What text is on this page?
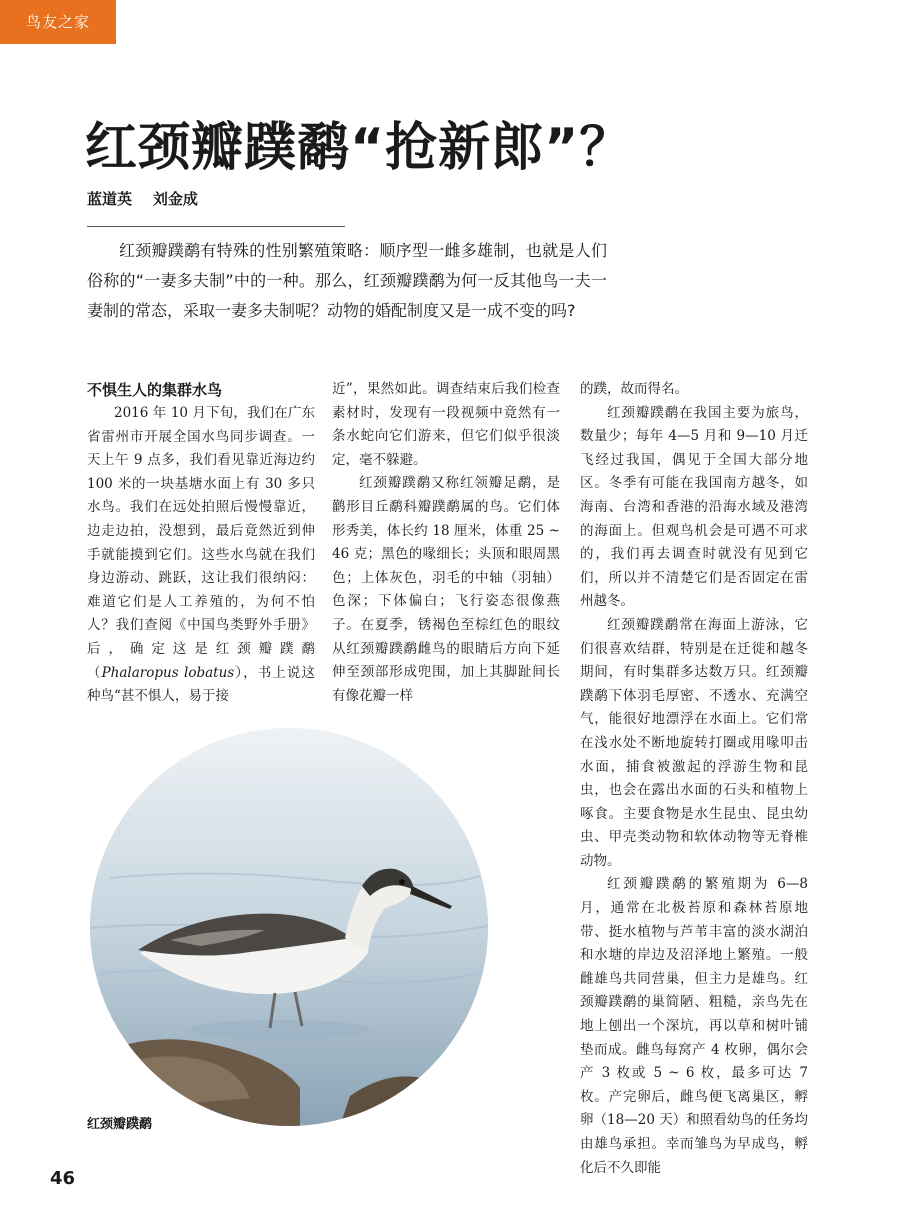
鸟友之家
红颈瓣蹼鹬“抢新郎”？
蓝道英    刘金成

红颈瓣蹼鹬有特殊的性别繁殖策略：顺序型一雌多雄制，也就是人们俗称的“一妻多夫制”中的一种。那么，红颈瓣蹼鹬为何一反其他鸟一夫一妻制的常态，采取一妻多夫制呢？动物的婚配制度又是一成不变的吗?

不惧生人的集群水鸟

2016 年 10 月下旬，我们在广东省雷州市开展全国水鸟同步调查。一天上午 9 点多，我们看见靠近海边约 100 米的一块基塘水面上有 30 多只水鸟。我们在远处拍照后慢慢靠近，边走边拍，没想到，最后竟然近到伸手就能摸到它们。这些水鸟就在我们身边游动、跳跃，这让我们很纳闷：难道它们是人工养殖的，为何不怕人？我们查阅《中国鸟类野外手册》后，确定这是红颈瓣蹼鹬（Phalaropus lobatus），书上说这种鸟“甚不惧人，易于接

近”，果然如此。调查结束后我们检查素材时，发现有一段视频中竟然有一条水蛇向它们游来，但它们似乎很淡定，毫不躲避。

红颈瓣蹼鹬又称红领瓣足鹬，是鹳形目丘鹬科瓣蹼鹬属的鸟。它们体形秀美，体长约 18 厘米，体重 25 ~ 46 克；黑色的喙细长；头顶和眼周黑色；上体灰色，羽毛的中轴（羽轴）色深；下体偏白；飞行姿态很像燕子。在夏季，锈褐色至棕红色的眼纹从红颈瓣蹼鹬雌鸟的眼睛后方向下延伸至颈部形成兜围，加上其脚趾间长有像花瓣一样

的蹼，故而得名。

红颈瓣蹼鹬在我国主要为旅鸟，数量少；每年 4—5 月和 9—10 月迁飞经过我国，偶见于全国大部分地区。冬季有可能在我国南方越冬，如海南、台湾和香港的沿海水域及港湾的海面上。但观鸟机会是可遇不可求的，我们再去调查时就没有见到它们，所以并不清楚它们是否固定在雷州越冬。

红颈瓣蹼鹬常在海面上游泳，它们很喜欢结群，特别是在迁徙和越冬期间，有时集群多达数万只。红颈瓣蹼鹬下体羽毛厚密、不透水、充满空气，能很好地漂浮在水面上。它们常在浅水处不断地旋转打圈或用喙叩击水面，捕食被激起的浮游生物和昆虫，也会在露出水面的石头和植物上啄食。主要食物是水生昆虫、昆虫幼虫、甲壳类动物和软体动物等无脊椎动物。

红颈瓣蹼鹬的繁殖期为 6—8 月，通常在北极苔原和森林苔原地带、挺水植物与芦苇丰富的淡水湖泊和水塘的岸边及沼泽地上繁殖。一般雌雄鸟共同营巢，但主力是雄鸟。红颈瓣蹼鹬的巢简陋、粗糙，亲鸟先在地上刨出一个深坑，再以草和树叶铺垫而成。雌鸟每窝产 4 枚卵，偶尔会产 3 枚或 5 ~ 6 枚，最多可达 7 枚。产完卵后，雌鸟便飞离巢区，孵卵（18—20 天）和照看幼鸟的任务均由雄鸟承担。幸而雏鸟为早成鸟，孵化后不久即能

红颈瓣蹼鹬
46
